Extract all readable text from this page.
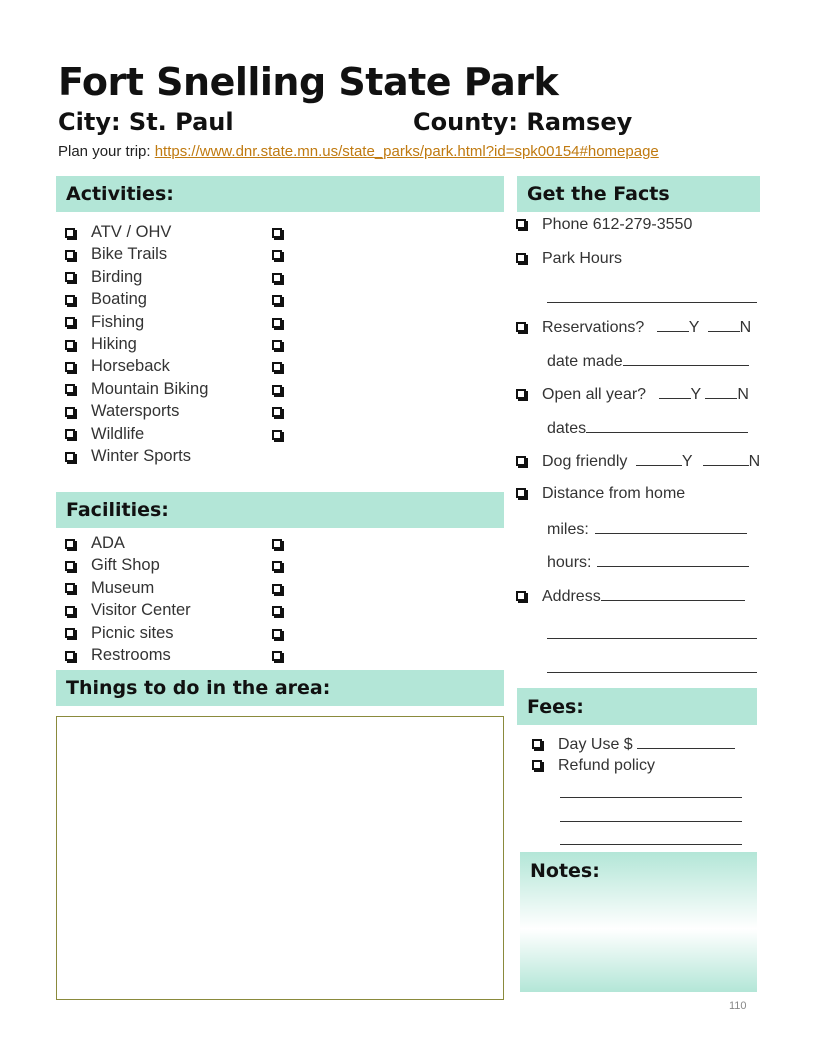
Fort Snelling State Park
City: St. Paul	County: Ramsey
Plan your trip: https://www.dnr.state.mn.us/state_parks/park.html?id=spk00154#homepage
Activities:
ATV / OHV
Bike Trails
Birding
Boating
Fishing
Hiking
Horseback
Mountain Biking
Watersports
Wildlife
Winter Sports
Facilities:
ADA
Gift Shop
Museum
Visitor Center
Picnic sites
Restrooms
Things to do in the area:
Get the Facts
Phone 612-279-3550
Park Hours
Reservations?	Y	N
date made
Open all year?	Y N
dates
Dog friendly	Y	N
Distance from home
miles:
hours:
Address
Fees:
Day Use $
Refund policy
Notes:
110
